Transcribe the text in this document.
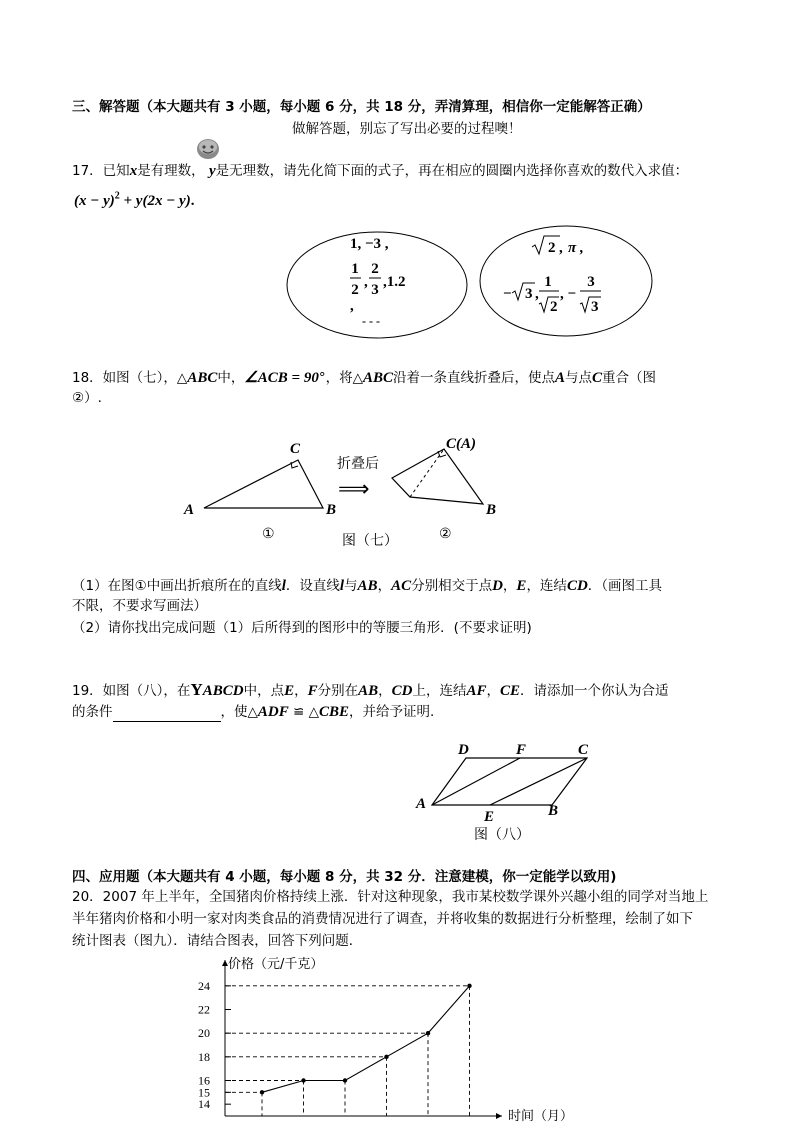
三、解答题（本大题共有 3 小题，每小题 6 分，共 18 分，弄清算理，相信你一定能解答正确）
做解答题，别忘了写出必要的过程噢！
17．已知x是有理数， y是无理数，请先化简下面的式子，再在相应的圆圈内选择你喜欢的数代入求值：
$(x - y)^2 + y(2x - y)$.
1, −3 ,
1
2 ,
2
3 ,1.2
,
- - -
2 , π ,
− 3 ,
1
2
, −
3
3
18．如图（七），△ABC中，∠ACB = 90°，将△ABC沿着一条直线折叠后，使点A与点C重合（图
②）.
C
A	B
折叠后
⟹
C(A)
B
①	②
图（七）
（1）在图①中画出折痕所在的直线l．设直线l与AB，AC分别相交于点D，E，连结CD．（画图工具
不限，不要求写画法）
（2）请你找出完成问题（1）后所得到的图形中的等腰三角形．(不要求证明)
19．如图（八），在YABCD中，点E，F分别在AB，CD上，连结AF，CE．请添加一个你认为合适
的条件	，使△ADF ≌ △CBE，并给予证明.
D	F	C
A
E	B
图（八）
四、应用题（本大题共有 4 小题，每小题 8 分，共 32 分．注意建模，你一定能学以致用)
20．2007 年上半年，全国猪肉价格持续上涨．针对这种现象，我市某校数学课外兴趣小组的同学对当地上
半年猪肉价格和小明一家对肉类食品的消费情况进行了调查，并将收集的数据进行分析整理，绘制了如下
统计图表（图九）．请结合图表，回答下列问题．
价格（元/千克）
时间（月）
14
15
16
18
20
22
24
